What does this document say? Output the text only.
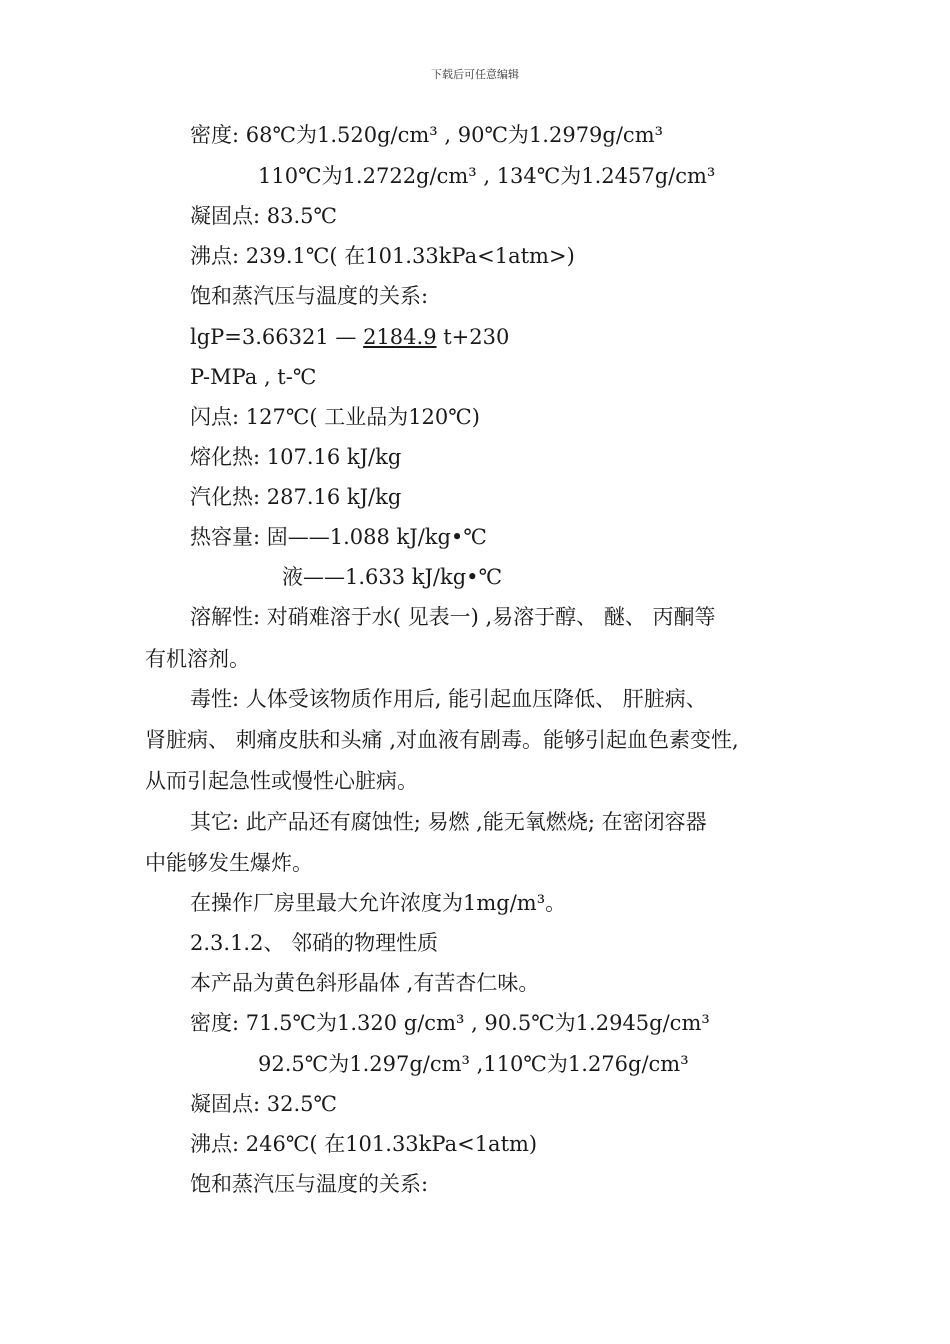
下载后可任意编辑
密度: 68℃为1.520g/cm³ , 90℃为1.2979g/cm³
110℃为1.2722g/cm³ , 134℃为1.2457g/cm³
凝固点: 83.5℃
沸点: 239.1℃( 在101.33kPa<1atm>)
饱和蒸汽压与温度的关系:
lgP=3.66321 — 2184.9 t+230
P-MPa , t-℃
闪点: 127℃( 工业品为120℃)
熔化热: 107.16 kJ/kg
汽化热: 287.16 kJ/kg
热容量: 固——1.088 kJ/kg•℃
液——1.633 kJ/kg•℃
溶解性: 对硝难溶于水( 见表一) ,易溶于醇、 醚、 丙酮等
有机溶剂。
毒性: 人体受该物质作用后, 能引起血压降低、 肝脏病、
肾脏病、 刺痛皮肤和头痛 ,对血液有剧毒。能够引起血色素变性,
从而引起急性或慢性心脏病。
其它: 此产品还有腐蚀性; 易燃 ,能无氧燃烧; 在密闭容器
中能够发生爆炸。
在操作厂房里最大允许浓度为1mg/m³。
2.3.1.2、 邻硝的物理性质
本产品为黄色斜形晶体 ,有苦杏仁味。
密度: 71.5℃为1.320 g/cm³ , 90.5℃为1.2945g/cm³
92.5℃为1.297g/cm³ ,110℃为1.276g/cm³
凝固点: 32.5℃
沸点: 246℃( 在101.33kPa<1atm)
饱和蒸汽压与温度的关系:
